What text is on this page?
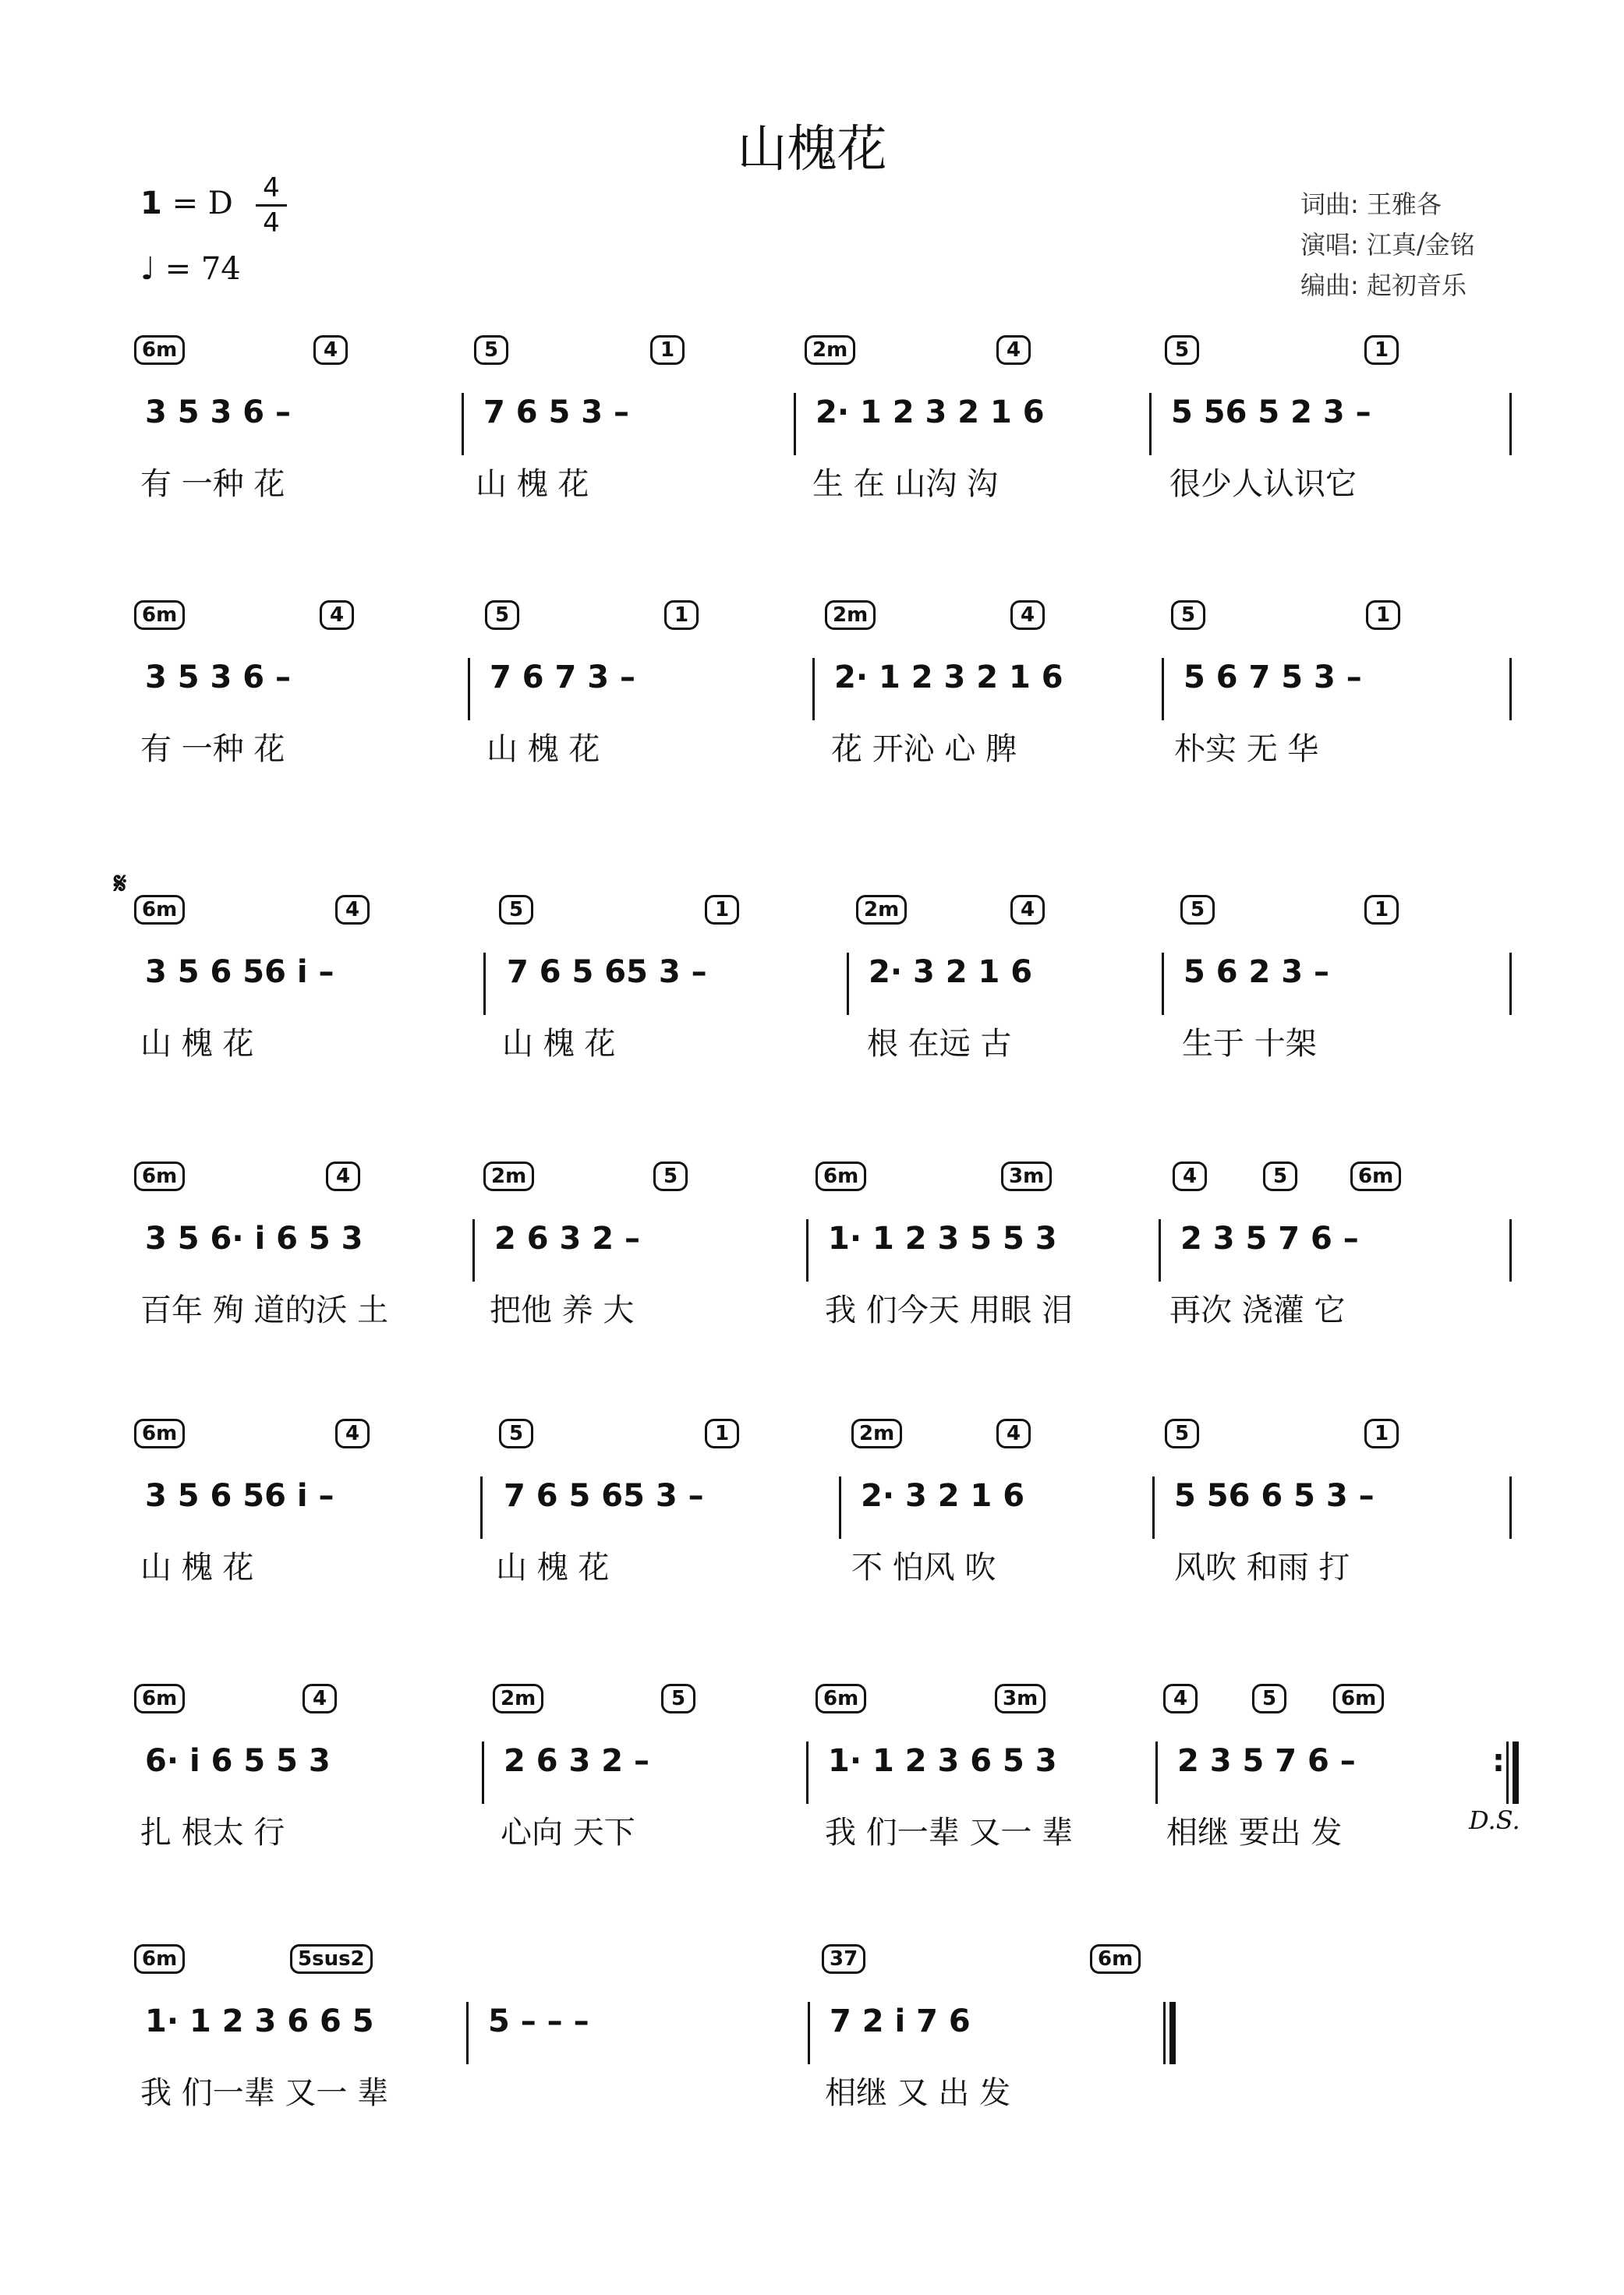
山槐花
1 = D 4
4
♩ = 74
词曲: 王雅各
演唱: 江真/金铭
编曲: 起初音乐
6m	4	5	1	2m	4	5	1
3 5 3 6 –	7 6 5 3 –	2· 1 2 3 2 1 6	5 56 5 2 3 –
有 一种 花	山 槐 花	生 在 山沟 沟	很少人认识它
6m	4	5	1	2m	4	5	1
3 5 3 6 –	7 6 7 3 –	2· 1 2 3 2 1 6	5 6 7 5 3 –
有 一种 花	山 槐 花	花 开沁 心 脾	朴实 无 华
6m	4	5	1	2m	4	5	1
3 5 6 56 i –	7 6 5 65 3 –	2· 3 2 1 6	5 6 2 3 –
山 槐 花	山 槐 花	根 在远 古	生于 十架
𝄋
6m	4	2m	5	6m	3m	4	5	6m
3 5 6· i 6 5 3	2 6 3 2 –	1· 1 2 3 5 5 3	2 3 5 7 6 –
百年 殉 道的沃 土	把他 养 大	我 们今天 用眼 泪	再次 浇灌 它
6m	4	5	1	2m	4	5	1
3 5 6 56 i –	7 6 5 65 3 –	2· 3 2 1 6	5 56 6 5 3 –
山 槐 花	山 槐 花	不 怕风 吹	风吹 和雨 打
6m	4	2m	5	6m	3m	4	5	6m
6· i 6 5 5 3	2 6 3 2 –	1· 1 2 3 6 5 3	2 3 5 7 6 –
扎 根太 行	心向 天下	我 们一辈 又一 辈	相继 要出 发
:
D.S.
6m	5sus2	37	6m
1· 1 2 3 6 6 5	5 – – –	7 2 i 7 6
我 们一辈 又一 辈	相继 又 出 发
